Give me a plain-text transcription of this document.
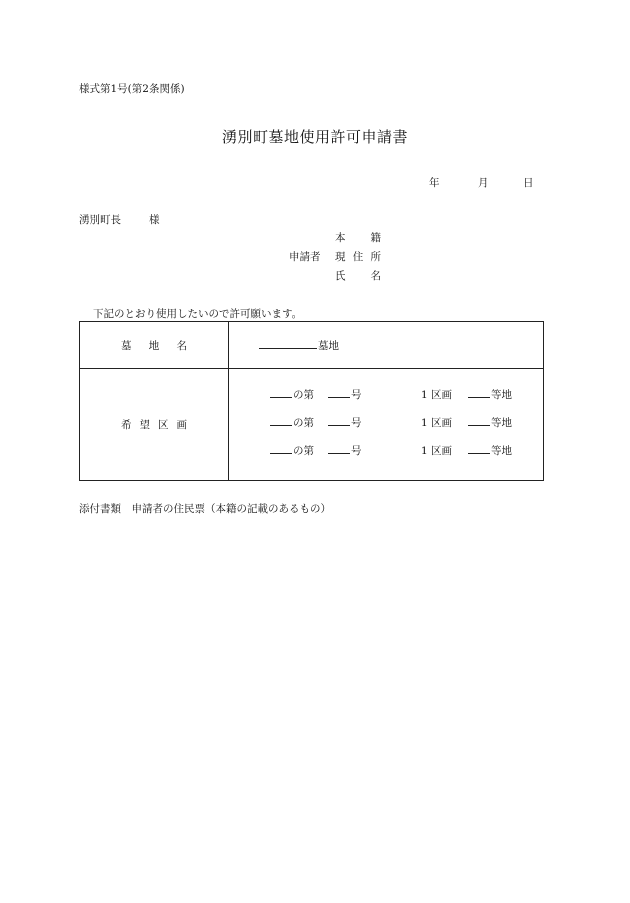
様式第1号(第2条関係)
湧別町墓地使用許可申請書
年	月	日
湧別町長	様
申請者
本 籍
現 住 所
氏 名
下記のとおり使用したいので許可願います。
墓 地 名	墓地
希 望 区 画
の第	号	1 区画	等地
の第	号	1 区画	等地
の第	号	1 区画	等地
添付書類　申請者の住民票（本籍の記載のあるもの）
